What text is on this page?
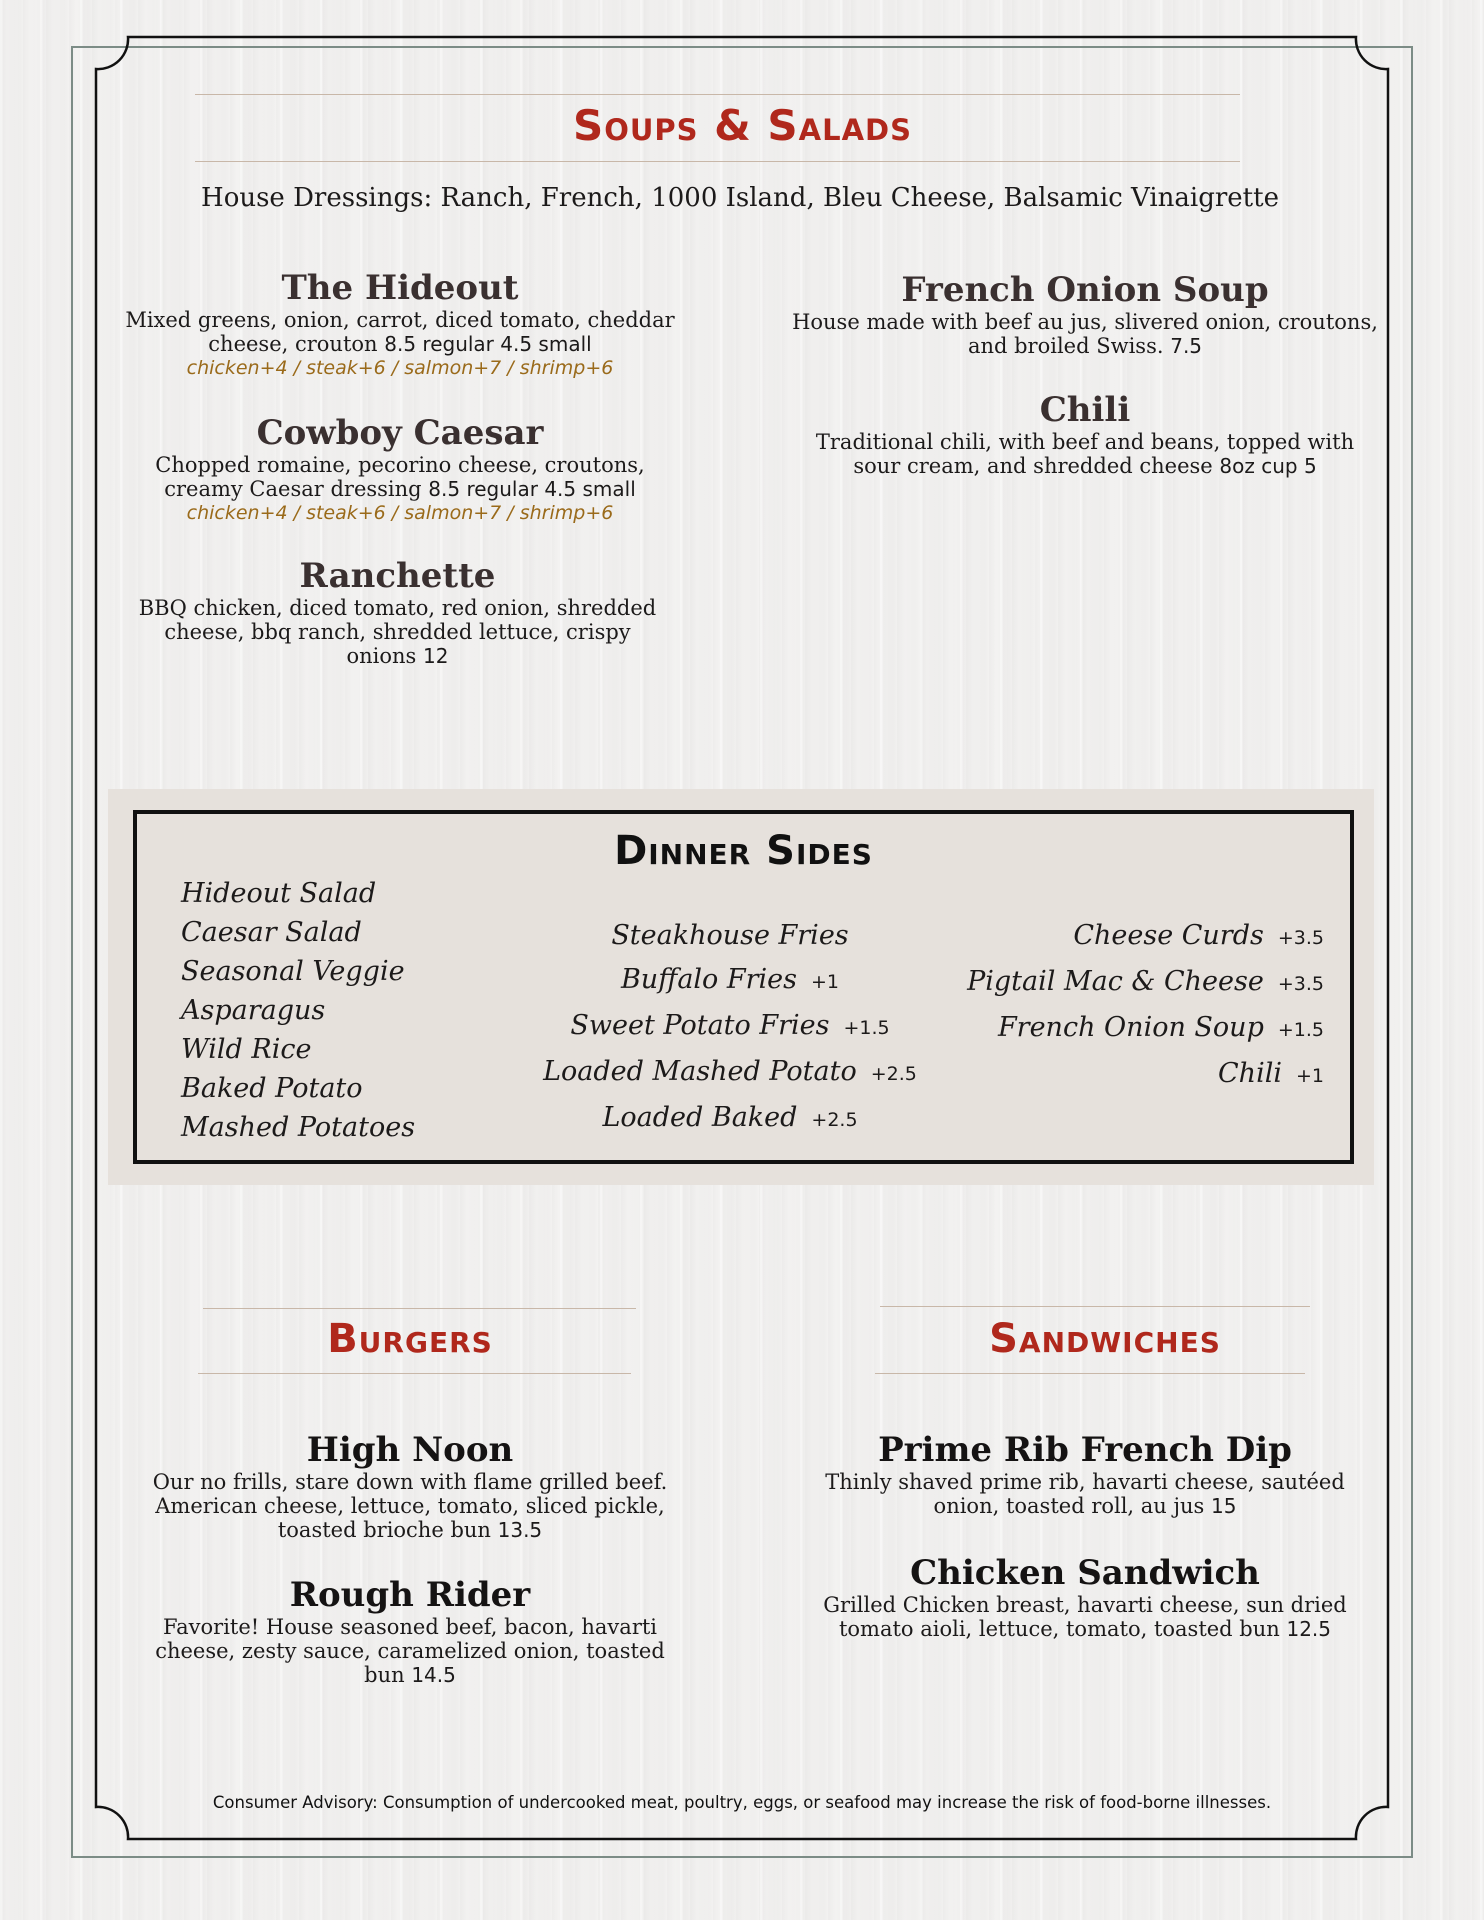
Soups & Salads
House Dressings: Ranch, French, 1000 Island, Bleu Cheese, Balsamic Vinaigrette
The Hideout
Mixed greens, onion, carrot, diced tomato, cheddar cheese, crouton 8.5 regular 4.5 small
chicken+4 / steak+6 / salmon+7 / shrimp+6
Cowboy Caesar
Chopped romaine, pecorino cheese, croutons, creamy Caesar dressing 8.5 regular 4.5 small
chicken+4 / steak+6 / salmon+7 / shrimp+6
Ranchette
BBQ chicken, diced tomato, red onion, shredded cheese, bbq ranch, shredded lettuce, crispy onions 12
French Onion Soup
House made with beef au jus, slivered onion, croutons, and broiled Swiss. 7.5
Chili
Traditional chili, with beef and beans, topped with sour cream, and shredded cheese 8oz cup 5
Dinner Sides
Hideout Salad
Caesar Salad
Seasonal Veggie
Asparagus
Wild Rice
Baked Potato
Mashed Potatoes
Steakhouse Fries
Buffalo Fries +1
Sweet Potato Fries +1.5
Loaded Mashed Potato +2.5
Loaded Baked +2.5
Cheese Curds +3.5
Pigtail Mac & Cheese +3.5
French Onion Soup +1.5
Chili +1
Burgers	Sandwiches
High Noon
Our no frills, stare down with flame grilled beef. American cheese, lettuce, tomato, sliced pickle, toasted brioche bun 13.5
Rough Rider
Favorite! House seasoned beef, bacon, havarti cheese, zesty sauce, caramelized onion, toasted bun 14.5
Prime Rib French Dip
Thinly shaved prime rib, havarti cheese, sautéed onion, toasted roll, au jus 15
Chicken Sandwich
Grilled Chicken breast, havarti cheese, sun dried tomato aioli, lettuce, tomato, toasted bun 12.5
Consumer Advisory: Consumption of undercooked meat, poultry, eggs, or seafood may increase the risk of food-borne illnesses.
